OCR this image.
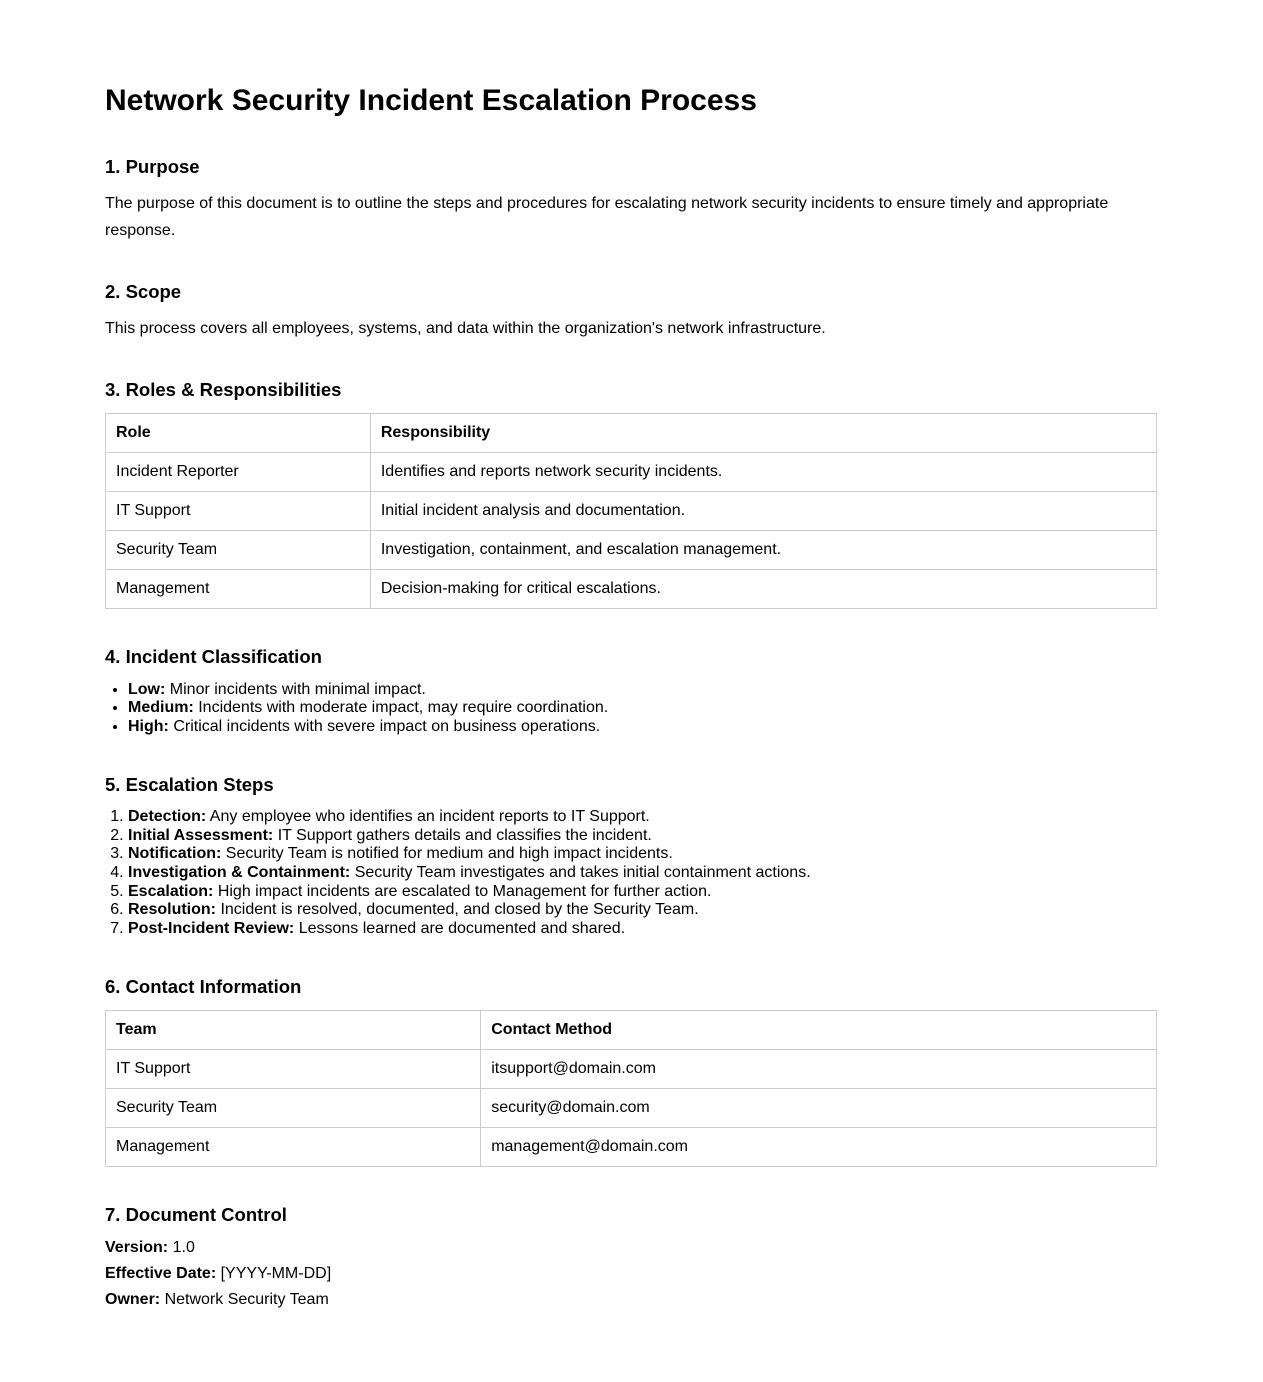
Network Security Incident Escalation Process
1. Purpose

The purpose of this document is to outline the steps and procedures for escalating network security incidents to ensure timely and appropriate response.

2. Scope

This process covers all employees, systems, and data within the organization's network infrastructure.

3. Roles & Responsibilities
Role	Responsibility
Incident Reporter	Identifies and reports network security incidents.
IT Support	Initial incident analysis and documentation.
Security Team	Investigation, containment, and escalation management.
Management	Decision-making for critical escalations.
4. Incident Classification
• Low: Minor incidents with minimal impact.
• Medium: Incidents with moderate impact, may require coordination.
• High: Critical incidents with severe impact on business operations.
5. Escalation Steps
1. Detection: Any employee who identifies an incident reports to IT Support.
2. Initial Assessment: IT Support gathers details and classifies the incident.
3. Notification: Security Team is notified for medium and high impact incidents.
4. Investigation & Containment: Security Team investigates and takes initial containment actions.
5. Escalation: High impact incidents are escalated to Management for further action.
6. Resolution: Incident is resolved, documented, and closed by the Security Team.
7. Post-Incident Review: Lessons learned are documented and shared.
6. Contact Information
Team	Contact Method
IT Support	itsupport@domain.com
Security Team	security@domain.com
Management	management@domain.com
7. Document Control

Version: 1.0

Effective Date: [YYYY-MM-DD]

Owner: Network Security Team
